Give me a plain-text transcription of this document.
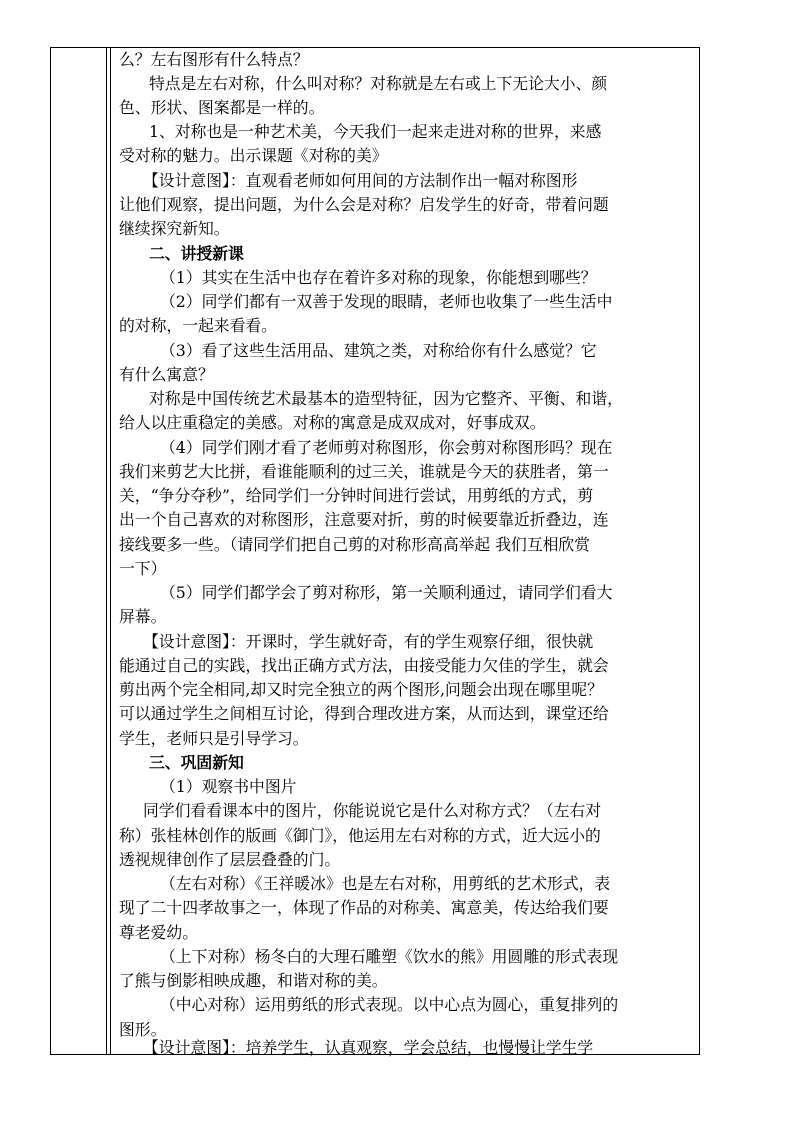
么？左右图形有什么特点？
特点是左右对称，什么叫对称？对称就是左右或上下无论大小、颜
色、形状、图案都是一样的。
1、对称也是一种艺术美，今天我们一起来走进对称的世界，来感
受对称的魅力。出示课题《对称的美》
【设计意图】：直观看老师如何用间的方法制作出一幅对称图形
让他们观察，提出问题，为什么会是对称？启发学生的好奇，带着问题
继续探究新知。
二、讲授新课
（1）其实在生活中也存在着许多对称的现象，你能想到哪些？
（2）同学们都有一双善于发现的眼睛，老师也收集了一些生活中
的对称，一起来看看。
（3）看了这些生活用品、建筑之类，对称给你有什么感觉？它
有什么寓意？
对称是中国传统艺术最基本的造型特征，因为它整齐、平衡、和谐，
给人以庄重稳定的美感。对称的寓意是成双成对，好事成双。
（4）同学们刚才看了老师剪对称图形，你会剪对称图形吗？现在
我们来剪艺大比拼，看谁能顺利的过三关，谁就是今天的获胜者，第一
关，“争分夺秒”，给同学们一分钟时间进行尝试，用剪纸的方式，剪
出一个自己喜欢的对称图形，注意要对折，剪的时候要靠近折叠边，连
接线要多一些。（请同学们把自己剪的对称形高高举起 我们互相欣赏
一下）
（5）同学们都学会了剪对称形，第一关顺利通过，请同学们看大
屏幕。
【设计意图】：开课时，学生就好奇，有的学生观察仔细，很快就
能通过自己的实践，找出正确方式方法，由接受能力欠佳的学生，就会
剪出两个完全相同,却又时完全独立的两个图形,问题会出现在哪里呢？
可以通过学生之间相互讨论，得到合理改进方案，从而达到，课堂还给
学生，老师只是引导学习。
三、巩固新知
（1）观察书中图片
同学们看看课本中的图片，你能说说它是什么对称方式？（左右对
称）张桂林创作的版画《御门》，他运用左右对称的方式，近大远小的
透视规律创作了层层叠叠的门。
（左右对称）《王祥暖冰》也是左右对称，用剪纸的艺术形式，表
现了二十四孝故事之一，体现了作品的对称美、寓意美，传达给我们要
尊老爱幼。
（上下对称）杨冬白的大理石雕塑《饮水的熊》用圆雕的形式表现
了熊与倒影相映成趣，和谐对称的美。
（中心对称）运用剪纸的形式表现。以中心点为圆心，重复排列的
图形。
【设计意图】：培养学生，认真观察，学会总结，也慢慢让学生学
